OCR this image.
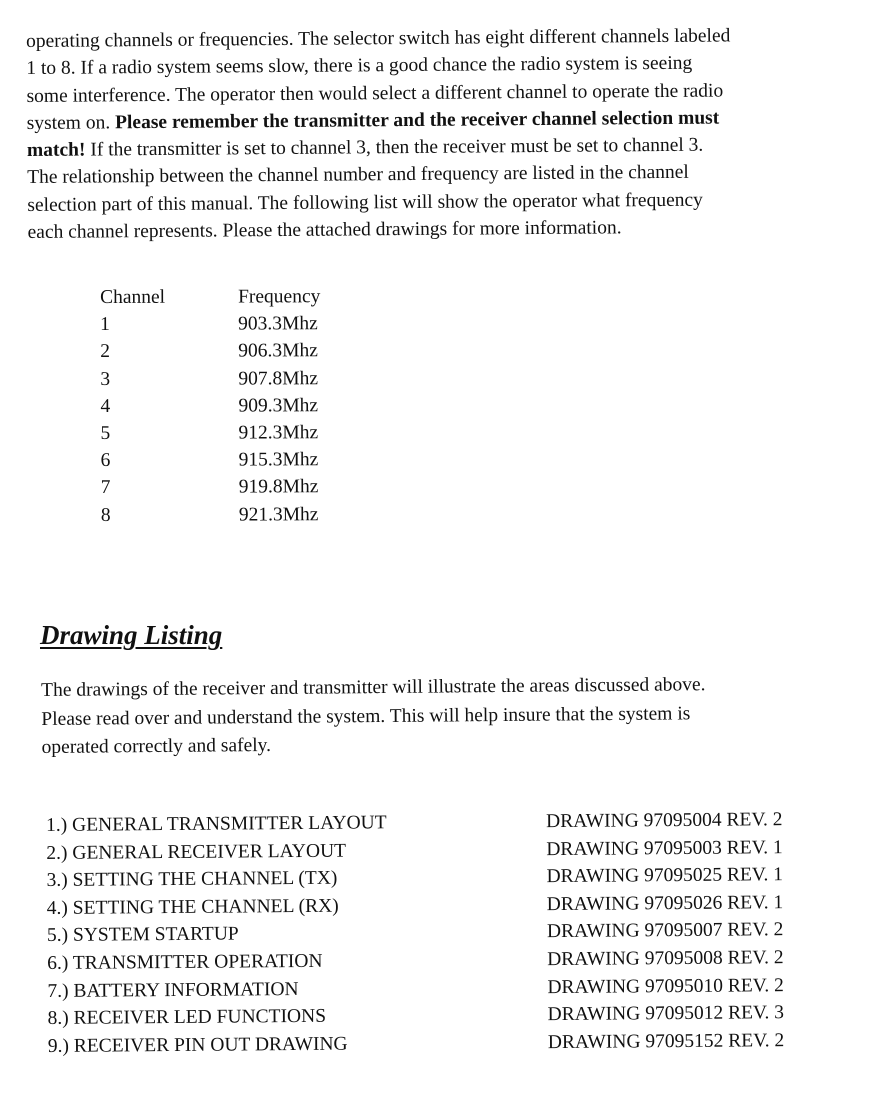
operating channels or frequencies. The selector switch has eight different channels labeled
1 to 8. If a radio system seems slow, there is a good chance the radio system is seeing
some interference. The operator then would select a different channel to operate the radio
system on. Please remember the transmitter and the receiver channel selection must
match! If the transmitter is set to channel 3, then the receiver must be set to channel 3.
The relationship between the channel number and frequency are listed in the channel
selection part of this manual. The following list will show the operator what frequency
each channel represents. Please the attached drawings for more information.
Channel	Frequency
1	903.3Mhz
2	906.3Mhz
3	907.8Mhz
4	909.3Mhz
5	912.3Mhz
6	915.3Mhz
7	919.8Mhz
8	921.3Mhz
Drawing Listing
The drawings of the receiver and transmitter will illustrate the areas discussed above.
Please read over and understand the system. This will help insure that the system is
operated correctly and safely.
1.) GENERAL TRANSMITTER LAYOUT	DRAWING 97095004 REV. 2
2.) GENERAL RECEIVER LAYOUT	DRAWING 97095003 REV. 1
3.) SETTING THE CHANNEL (TX)	DRAWING 97095025 REV. 1
4.) SETTING THE CHANNEL (RX)	DRAWING 97095026 REV. 1
5.) SYSTEM STARTUP	DRAWING 97095007 REV. 2
6.) TRANSMITTER OPERATION	DRAWING 97095008 REV. 2
7.) BATTERY INFORMATION	DRAWING 97095010 REV. 2
8.) RECEIVER LED FUNCTIONS	DRAWING 97095012 REV. 3
9.) RECEIVER PIN OUT DRAWING	DRAWING 97095152 REV. 2
